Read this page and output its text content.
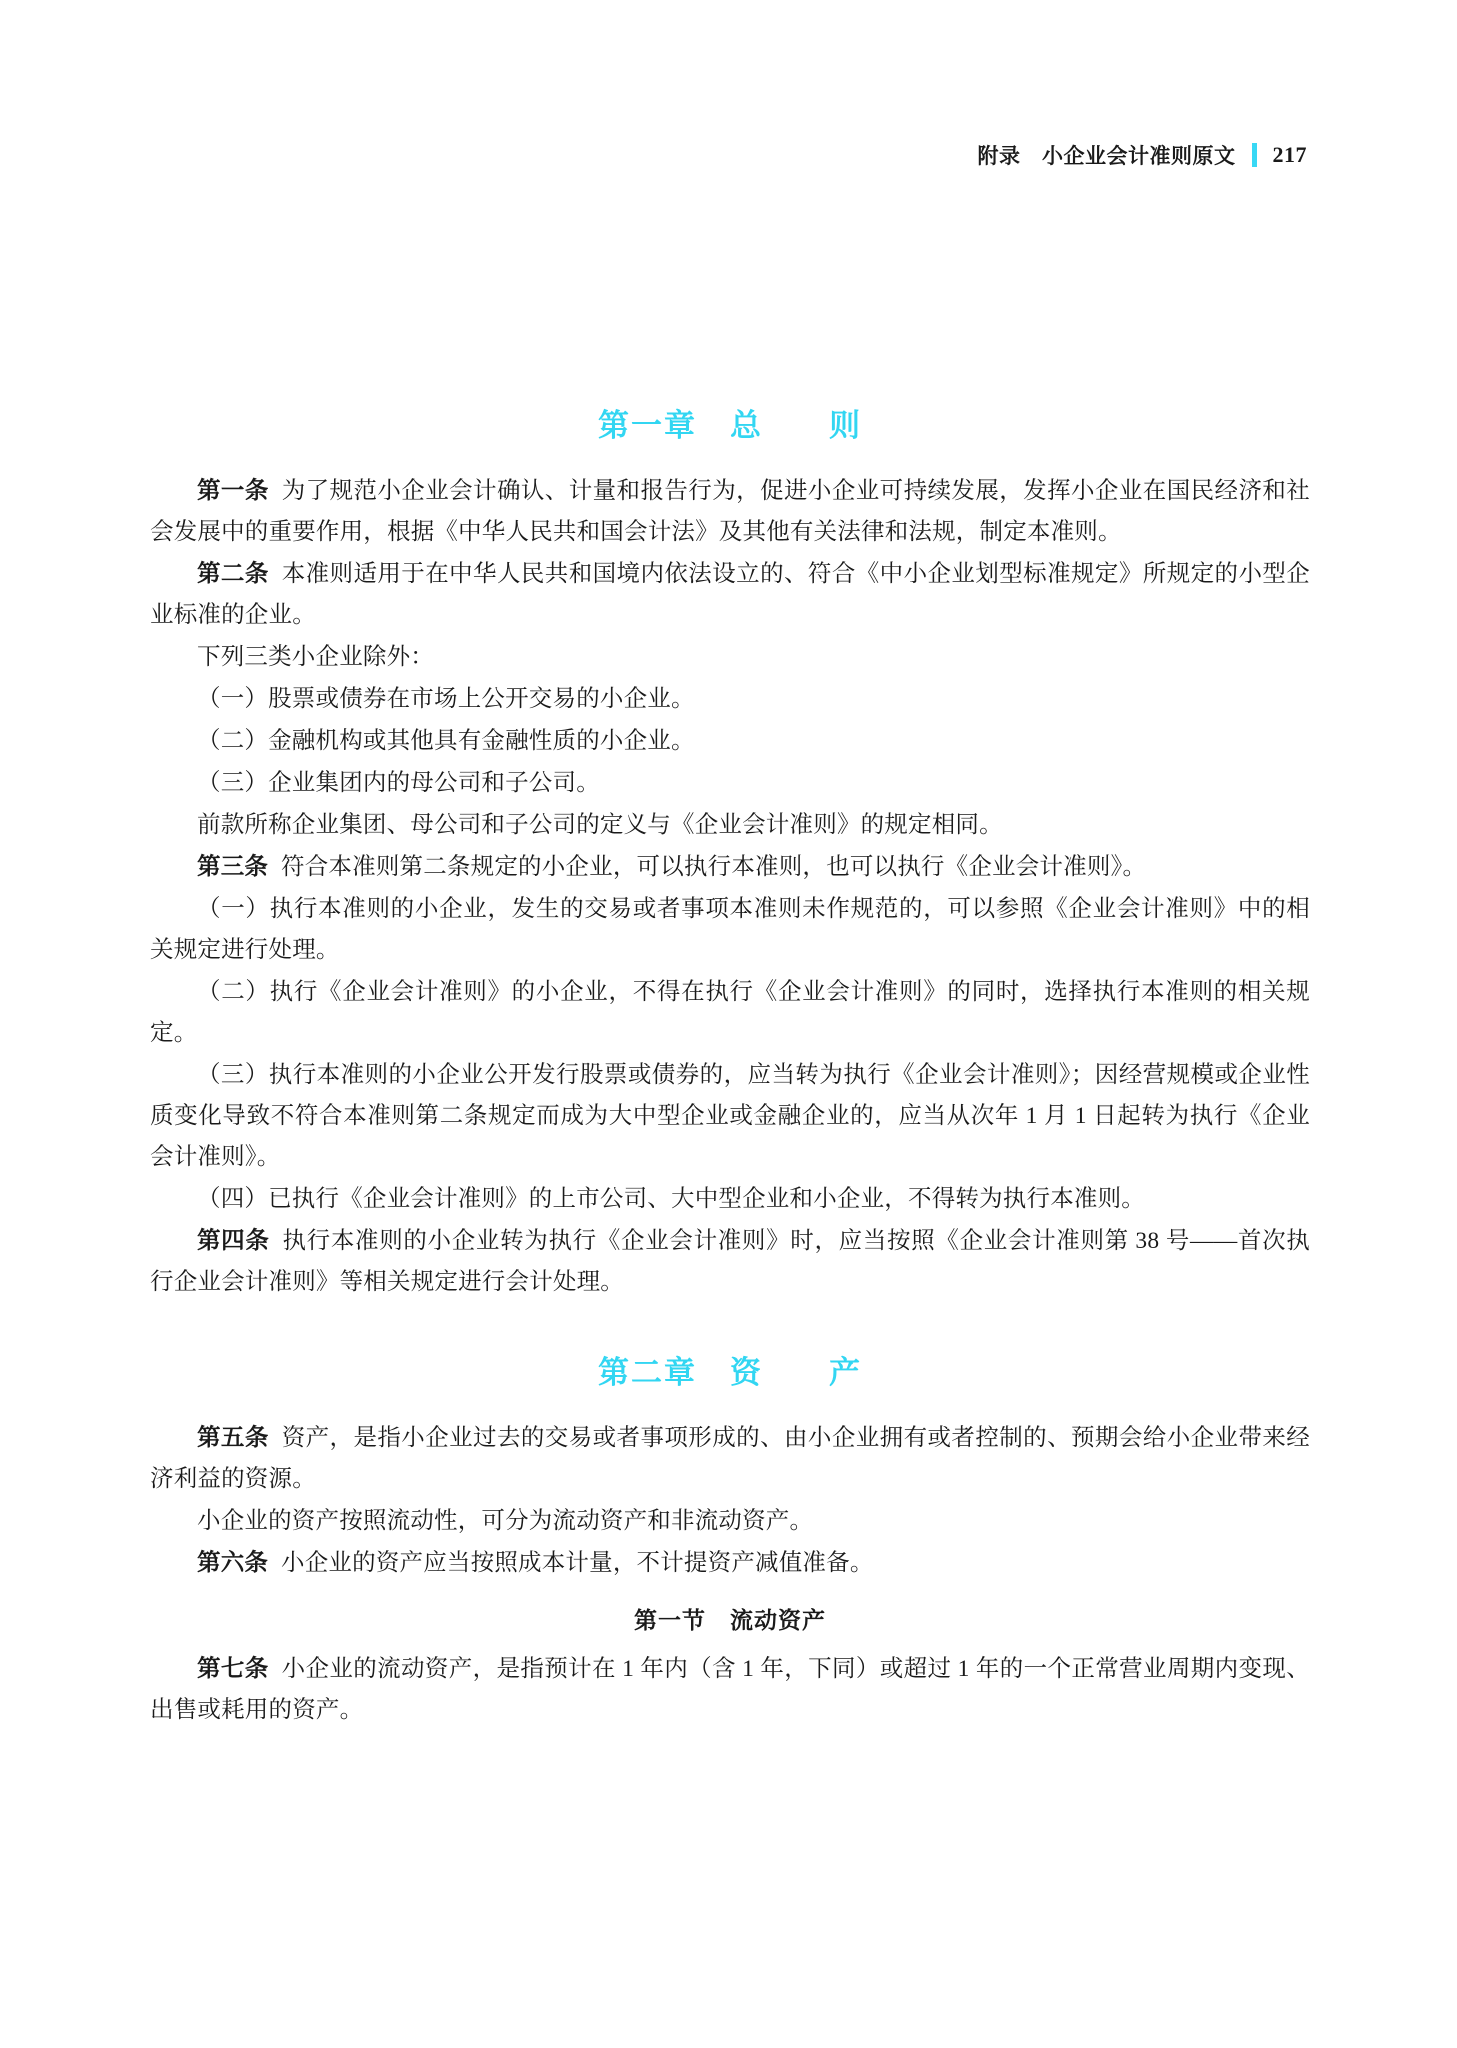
附录　小企业会计准则原文 217
第一章　总　　则

第一条 为了规范小企业会计确认、计量和报告行为，促进小企业可持续发展，发挥小企业在国民经济和社会发展中的重要作用，根据《中华人民共和国会计法》及其他有关法律和法规，制定本准则。

第二条 本准则适用于在中华人民共和国境内依法设立的、符合《中小企业划型标准规定》所规定的小型企业标准的企业。

下列三类小企业除外：

（一）股票或债券在市场上公开交易的小企业。

（二）金融机构或其他具有金融性质的小企业。

（三）企业集团内的母公司和子公司。

前款所称企业集团、母公司和子公司的定义与《企业会计准则》的规定相同。

第三条 符合本准则第二条规定的小企业，可以执行本准则，也可以执行《企业会计准则》。

（一）执行本准则的小企业，发生的交易或者事项本准则未作规范的，可以参照《企业会计准则》中的相关规定进行处理。

（二）执行《企业会计准则》的小企业，不得在执行《企业会计准则》的同时，选择执行本准则的相关规定。

（三）执行本准则的小企业公开发行股票或债券的，应当转为执行《企业会计准则》；因经营规模或企业性质变化导致不符合本准则第二条规定而成为大中型企业或金融企业的，应当从次年 1 月 1 日起转为执行《企业会计准则》。

（四）已执行《企业会计准则》的上市公司、大中型企业和小企业，不得转为执行本准则。

第四条 执行本准则的小企业转为执行《企业会计准则》时，应当按照《企业会计准则第 38 号——首次执行企业会计准则》等相关规定进行会计处理。

第二章　资　　产

第五条 资产，是指小企业过去的交易或者事项形成的、由小企业拥有或者控制的、预期会给小企业带来经济利益的资源。

小企业的资产按照流动性，可分为流动资产和非流动资产。

第六条 小企业的资产应当按照成本计量，不计提资产减值准备。

第一节　流动资产

第七条 小企业的流动资产，是指预计在 1 年内（含 1 年，下同）或超过 1 年的一个正常营业周期内变现、出售或耗用的资产。
